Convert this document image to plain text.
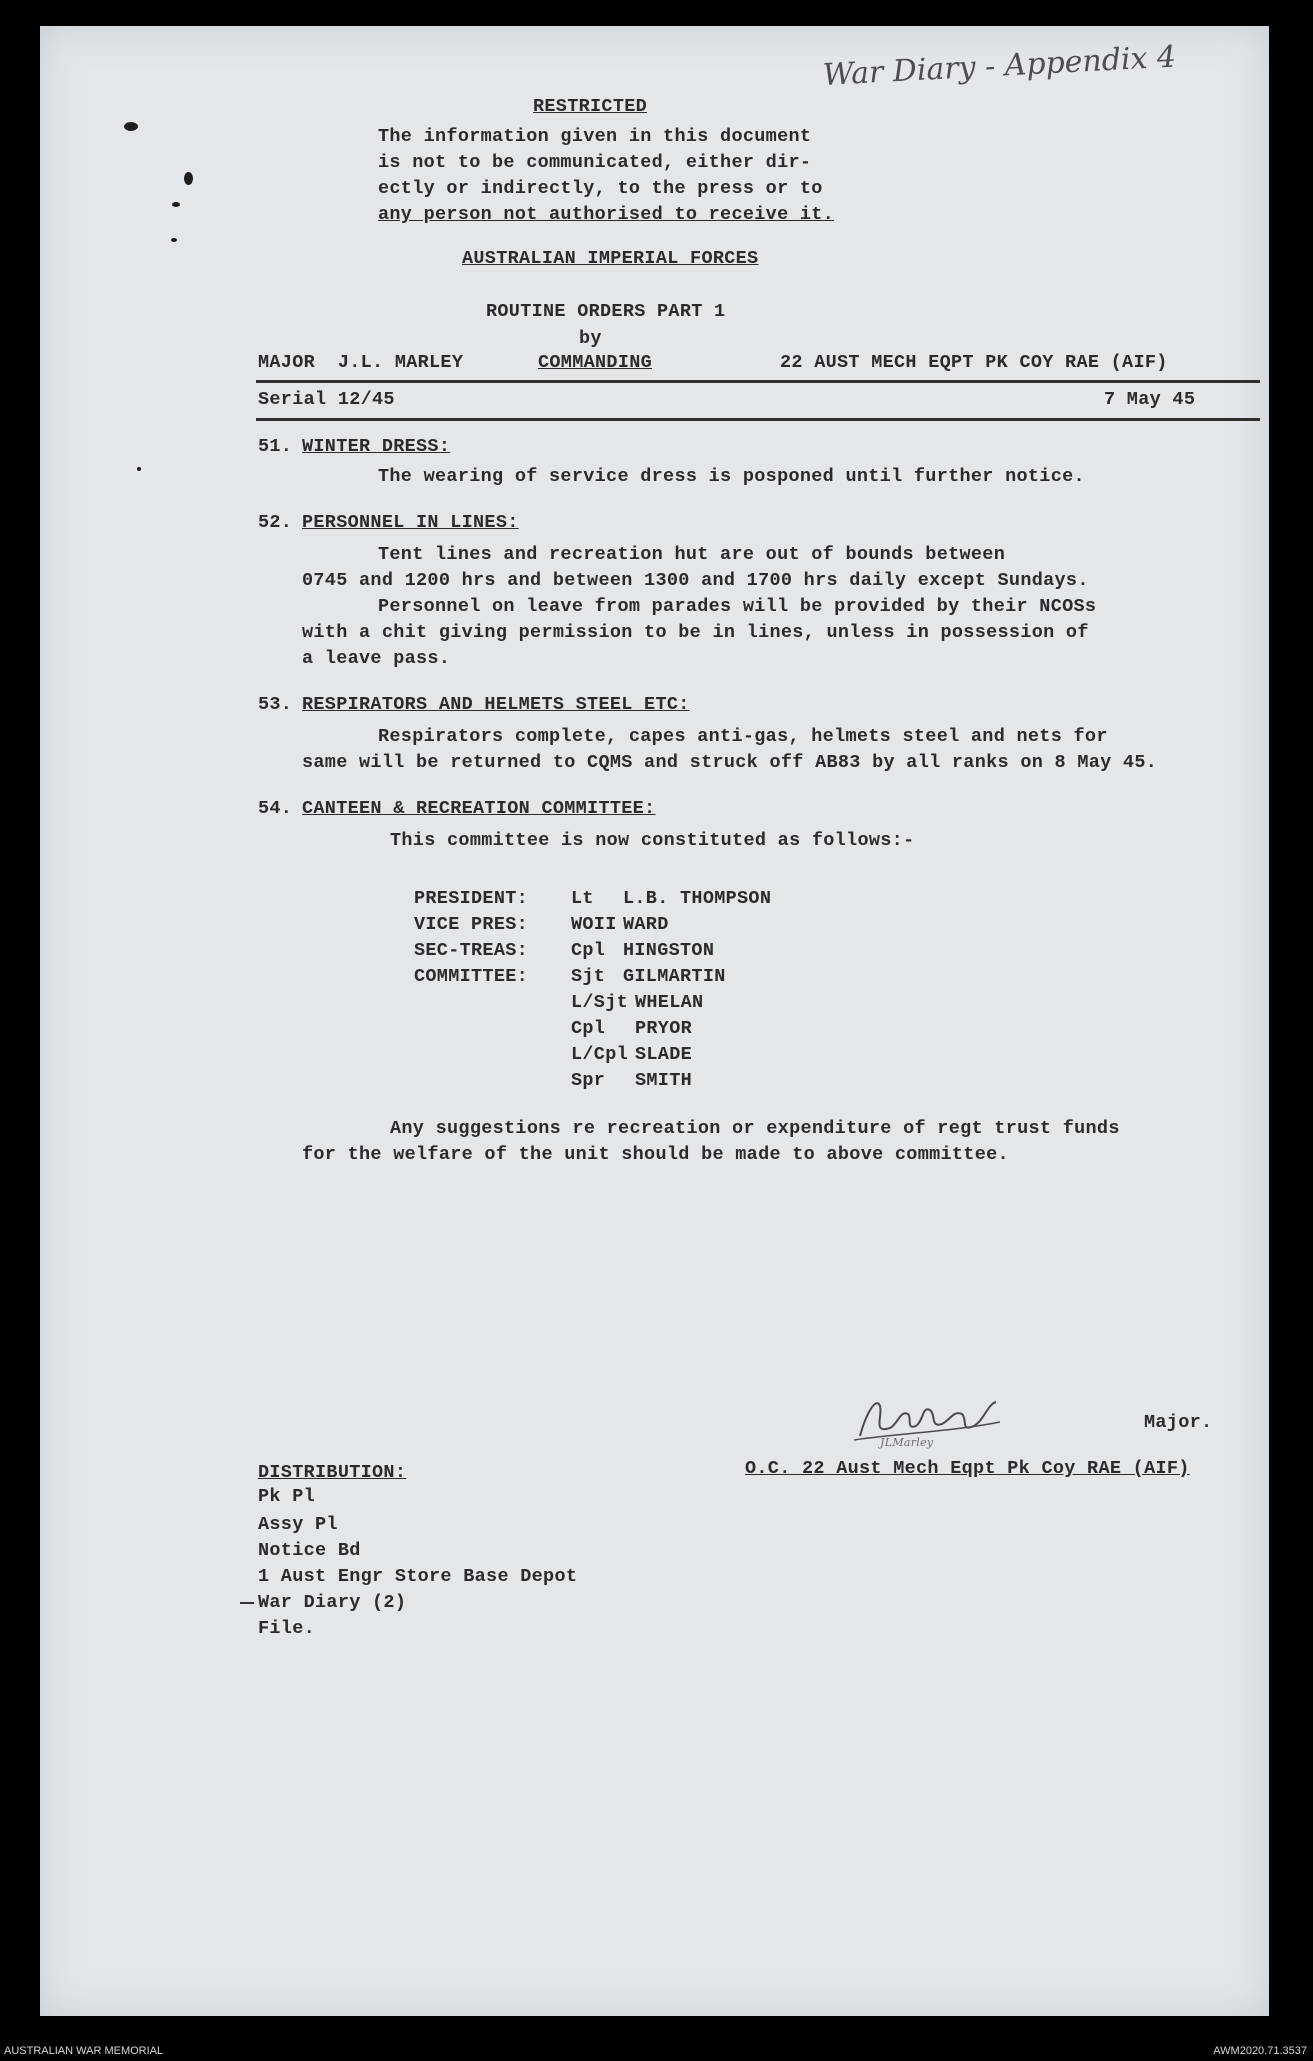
War Diary - Appendix 4
RESTRICTED
The information given in this document
is not to be communicated, either dir-
ectly or indirectly, to the press or to
any person not authorised to receive it.
AUSTRALIAN IMPERIAL FORCES
ROUTINE ORDERS PART 1
by
MAJOR  J.L. MARLEY	COMMANDING	22 AUST MECH EQPT PK COY RAE (AIF)
Serial 12/45	7 May 45
51. WINTER DRESS:
The wearing of service dress is posponed until further notice.
52. PERSONNEL IN LINES:
Tent lines and recreation hut are out of bounds between
0745 and 1200 hrs and between 1300 and 1700 hrs daily except Sundays.
Personnel on leave from parades will be provided by their NCOSs
with a chit giving permission to be in lines, unless in possession of
a leave pass.
53. RESPIRATORS AND HELMETS STEEL ETC:
Respirators complete, capes anti-gas, helmets steel and nets for
same will be returned to CQMS and struck off AB83 by all ranks on 8 May 45.
54. CANTEEN & RECREATION COMMITTEE:
This committee is now constituted as follows:-
PRESIDENT: Lt L.B. THOMPSON
VICE PRES: WOII WARD
SEC-TREAS: Cpl HINGSTON
COMMITTEE: Sjt GILMARTIN
L/Sjt WHELAN
Cpl PRYOR
L/Cpl SLADE
Spr SMITH
Any suggestions re recreation or expenditure of regt trust funds
for the welfare of the unit should be made to above committee.
JLMarley
Major.
O.C. 22 Aust Mech Eqpt Pk Coy RAE (AIF)
DISTRIBUTION:
Pk Pl
Assy Pl
Notice Bd
1 Aust Engr Store Base Depot
War Diary (2)
File.
AUSTRALIAN WAR MEMORIAL	AWM2020.71.3537
